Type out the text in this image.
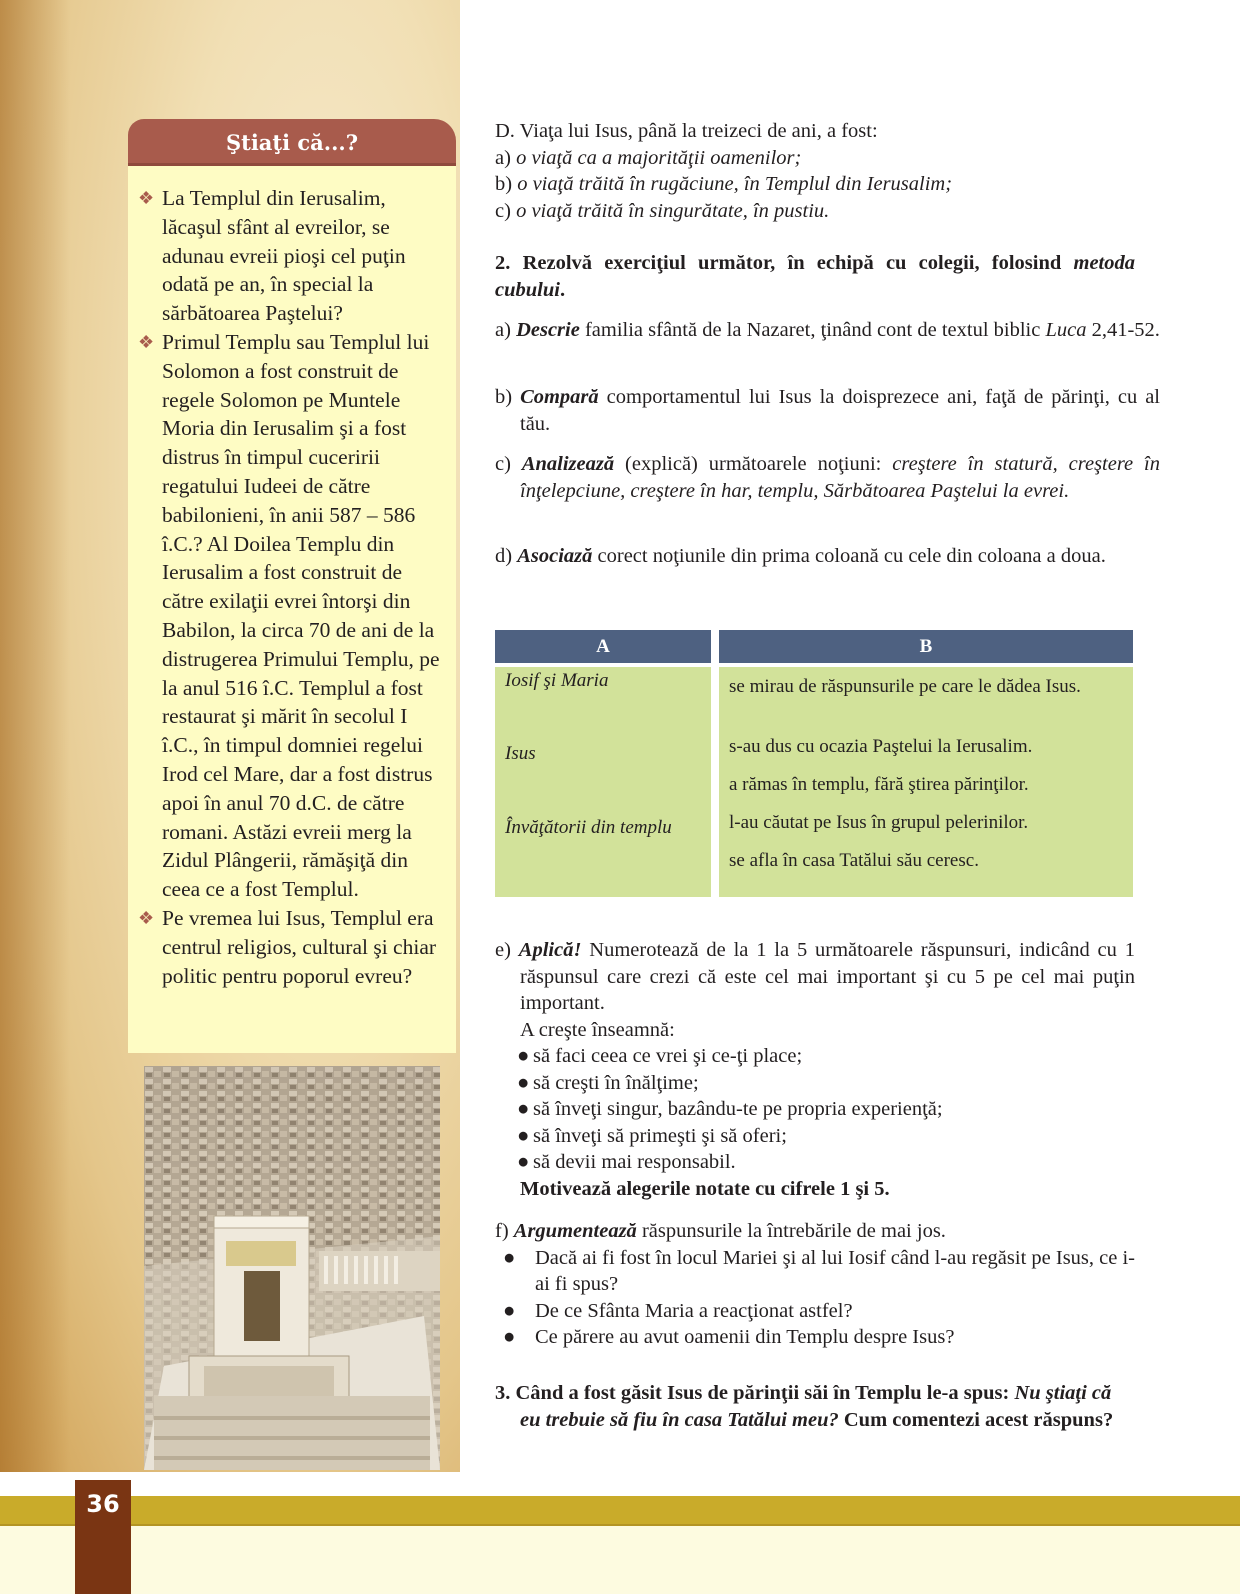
Ştiaţi că...?
❖ La Templul din Ierusalim, lăcaşul sfânt al evreilor, se adunau evreii pioşi cel puţin odată pe an, în special la sărbătoarea Paştelui?
❖ Primul Templu sau Templul lui Solomon a fost construit de regele Solomon pe Muntele Moria din Ierusalim şi a fost distrus în timpul cuceririi regatului Iudeei de către babilonieni, în anii 587 – 586 î.C.? Al Doilea Templu din Ierusalim a fost construit de către exilaţii evrei întorşi din Babilon, la circa 70 de ani de la distrugerea Primului Templu, pe la anul 516 î.C. Templul a fost restaurat şi mărit în secolul I î.C., în timpul domniei regelui Irod cel Mare, dar a fost distrus apoi în anul 70 d.C. de către romani. Astăzi evreii merg la Zidul Plângerii, rămăşiţă din ceea ce a fost Templul.
❖ Pe vremea lui Isus, Templul era centrul religios, cultural şi chiar politic pentru poporul evreu?
D. Viaţa lui Isus, până la treizeci de ani, a fost:
a) o viaţă ca a majorităţii oamenilor;
b) o viaţă trăită în rugăciune, în Templul din Ierusalim;
c) o viaţă trăită în singurătate, în pustiu.
2. Rezolvă exerciţiul următor, în echipă cu colegii, folosind metoda cubului.
a) Descrie familia sfântă de la Nazaret, ţinând cont de textul biblic Luca 2,41-52.
b) Compară comportamentul lui Isus la doisprezece ani, faţă de părinţi, cu al tău.
c) Analizează (explică) următoarele noţiuni: creştere în statură, creştere în înţelepciune, creştere în har, templu, Sărbătoarea Paştelui la evrei.
d) Asociază corect noţiunile din prima coloană cu cele din coloana a doua.
A	B
Iosif şi Maria
Isus
Învăţătorii din templu
se mirau de răspunsurile pe care le dădea Isus.
s-au dus cu ocazia Paştelui la Ierusalim.
a rămas în templu, fără ştirea părinţilor.
l-au căutat pe Isus în grupul pelerinilor.
se afla în casa Tatălui său ceresc.
e) Aplică! Numerotează de la 1 la 5 următoarele răspunsuri, indicând cu 1 răspunsul care crezi că este cel mai important şi cu 5 pe cel mai puţin important.
A creşte înseamnă:
● să faci ceea ce vrei şi ce-ţi place;
● să creşti în înălţime;
● să înveţi singur, bazându-te pe propria experienţă;
● să înveţi să primeşti şi să oferi;
● să devii mai responsabil.
Motivează alegerile notate cu cifrele 1 şi 5.
f) Argumentează răspunsurile la întrebările de mai jos.
● Dacă ai fi fost în locul Mariei şi al lui Iosif când l-au regăsit pe Isus, ce i-ai fi spus?
● De ce Sfânta Maria a reacţionat astfel?
● Ce părere au avut oamenii din Templu despre Isus?
3. Când a fost găsit Isus de părinţii săi în Templu le-a spus: Nu ştiaţi că eu trebuie să fiu în casa Tatălui meu? Cum comentezi acest răspuns?
36
